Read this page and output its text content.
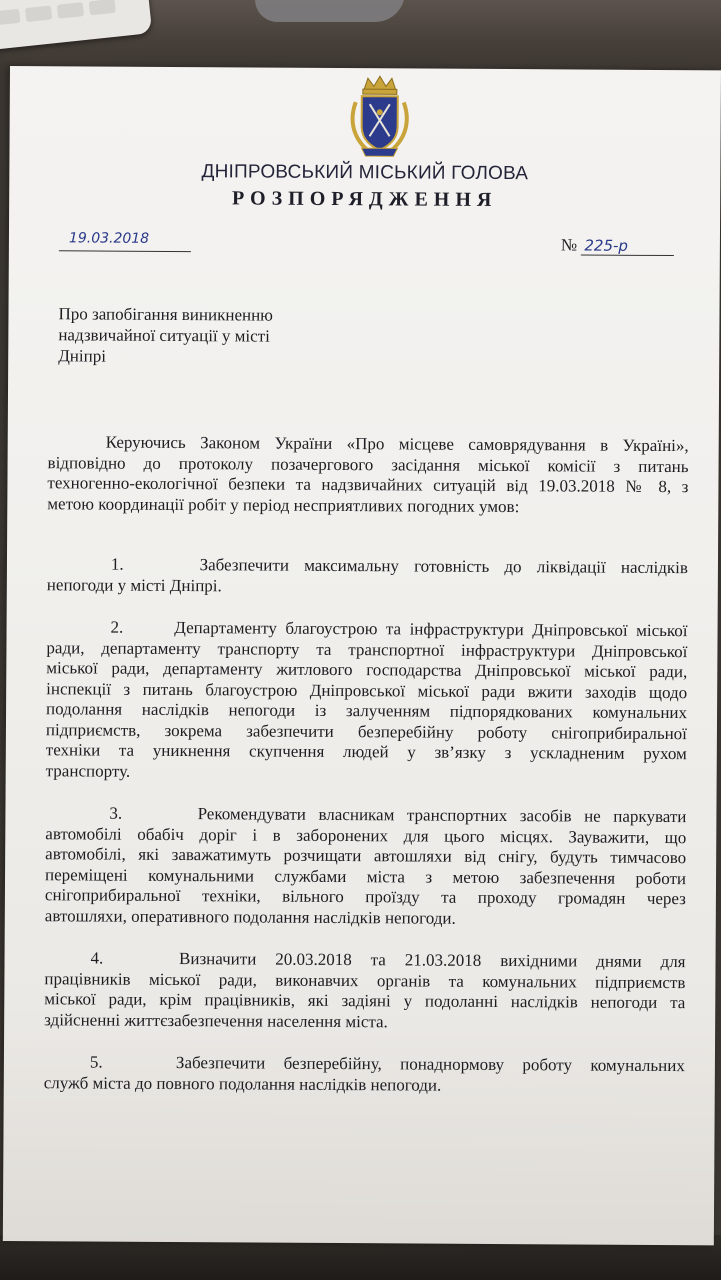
ДНІПРОВСЬКИЙ МІСЬКИЙ ГОЛОВА
РОЗПОРЯДЖЕННЯ
19.03.2018	№ 225-р
Про запобігання виникненню
надзвичайної ситуації у місті
Дніпрі
Керуючись Законом України «Про місцеве самоврядування в Україні»,
відповідно до протоколу позачергового засідання міської комісії з питань
техногенно-екологічної безпеки та надзвичайних ситуацій від 19.03.2018 № 8, з
метою координації робіт у період несприятливих погодних умов:
1.     Забезпечити максимальну готовність до ліквідації наслідків
непогоди у місті Дніпрі.
2.      Департаменту благоустрою та інфраструктури Дніпровської міської
ради, департаменту транспорту та транспортної інфраструктури Дніпровської
міської ради, департаменту житлового господарства Дніпровської міської ради,
інспекції з питань благоустрою Дніпровської міської ради вжити заходів щодо
подолання наслідків непогоди із залученням підпорядкованих комунальних
підприємств, зокрема забезпечити безперебійну роботу снігоприбиральної
техніки та уникнення скупчення людей у зв’язку з ускладненим рухом
транспорту.
3.      Рекомендувати власникам транспортних засобів не паркувати
автомобілі обабіч доріг і в заборонених для цього місцях. Зауважити, що
автомобілі, які заважатимуть розчищати автошляхи від снігу, будуть тимчасово
переміщені комунальними службами міста з метою забезпечення роботи
снігоприбиральної техніки, вільного проїзду та проходу громадян через
автошляхи, оперативного подолання наслідків непогоди.
4.    Визначити 20.03.2018 та 21.03.2018 вихідними днями для
працівників міської ради, виконавчих органів та комунальних підприємств
міської ради, крім працівників, які задіяні у подоланні наслідків непогоди та
здійсненні життєзабезпечення населення міста.
5.    Забезпечити безперебійну, понаднормову роботу комунальних
служб міста до повного подолання наслідків непогоди.
